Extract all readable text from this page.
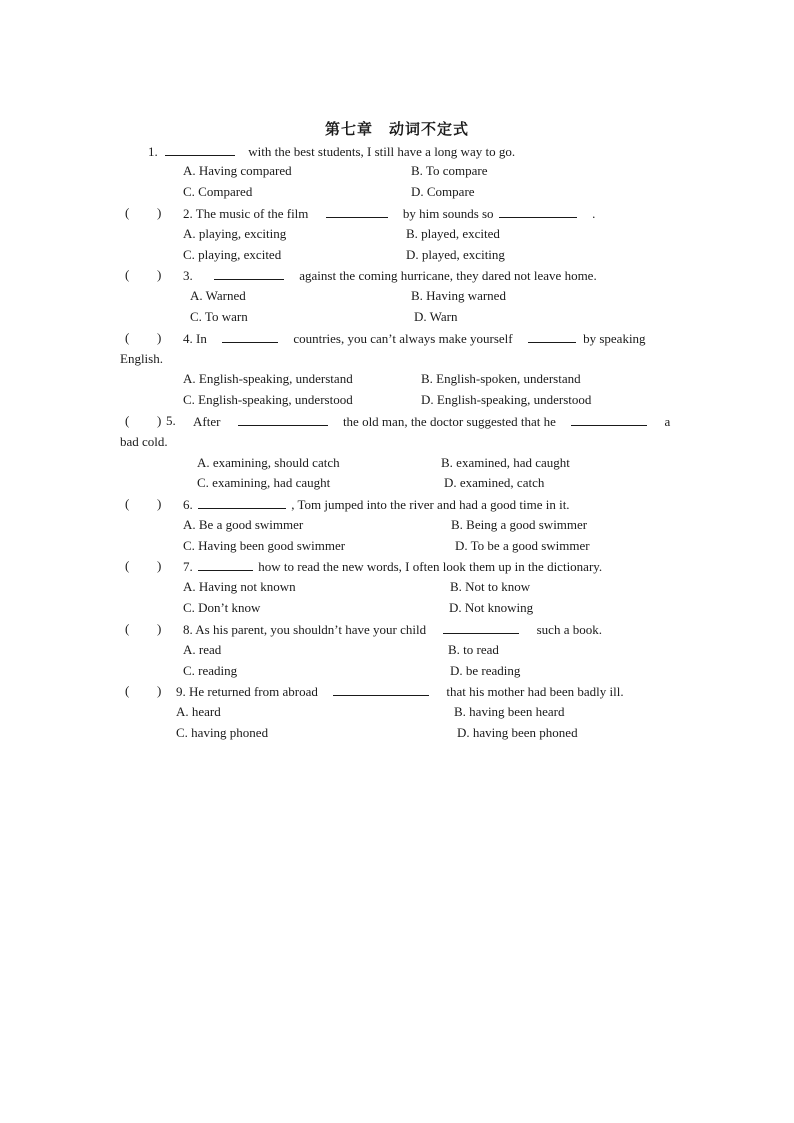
第七章　动词不定式
1.	with the best students, I still have a long way to go.
A. Having compared	B. To compare
C. Compared	D. Compare
( ) 2. The music of the film	by him sounds so	.
A. playing, exciting	B. played, excited
C. playing, excited	D. played, exciting
( ) 3.	against the coming hurricane, they dared not leave home.
A. Warned	B. Having warned
C. To warn	D. Warn
( ) 4. In	countries, you can’t always make yourself	by speaking
English.
A. English-speaking, understand	B. English-spoken, understand
C. English-speaking, understood	D. English-speaking, understood
( ) 5. After	the old man, the doctor suggested that he	a
bad cold.
A. examining, should catch	B. examined, had caught
C. examining, had caught	D. examined, catch
( ) 6.	, Tom jumped into the river and had a good time in it.
A. Be a good swimmer	B. Being a good swimmer
C. Having been good swimmer	D. To be a good swimmer
( ) 7.	how to read the new words, I often look them up in the dictionary.
A. Having not known	B. Not to know
C. Don’t know	D. Not knowing
( ) 8. As his parent, you shouldn’t have your child	such a book.
A. read	B. to read
C. reading	D. be reading
( ) 9. He returned from abroad	that his mother had been badly ill.
A. heard	B. having been heard
C. having phoned	D. having been phoned
